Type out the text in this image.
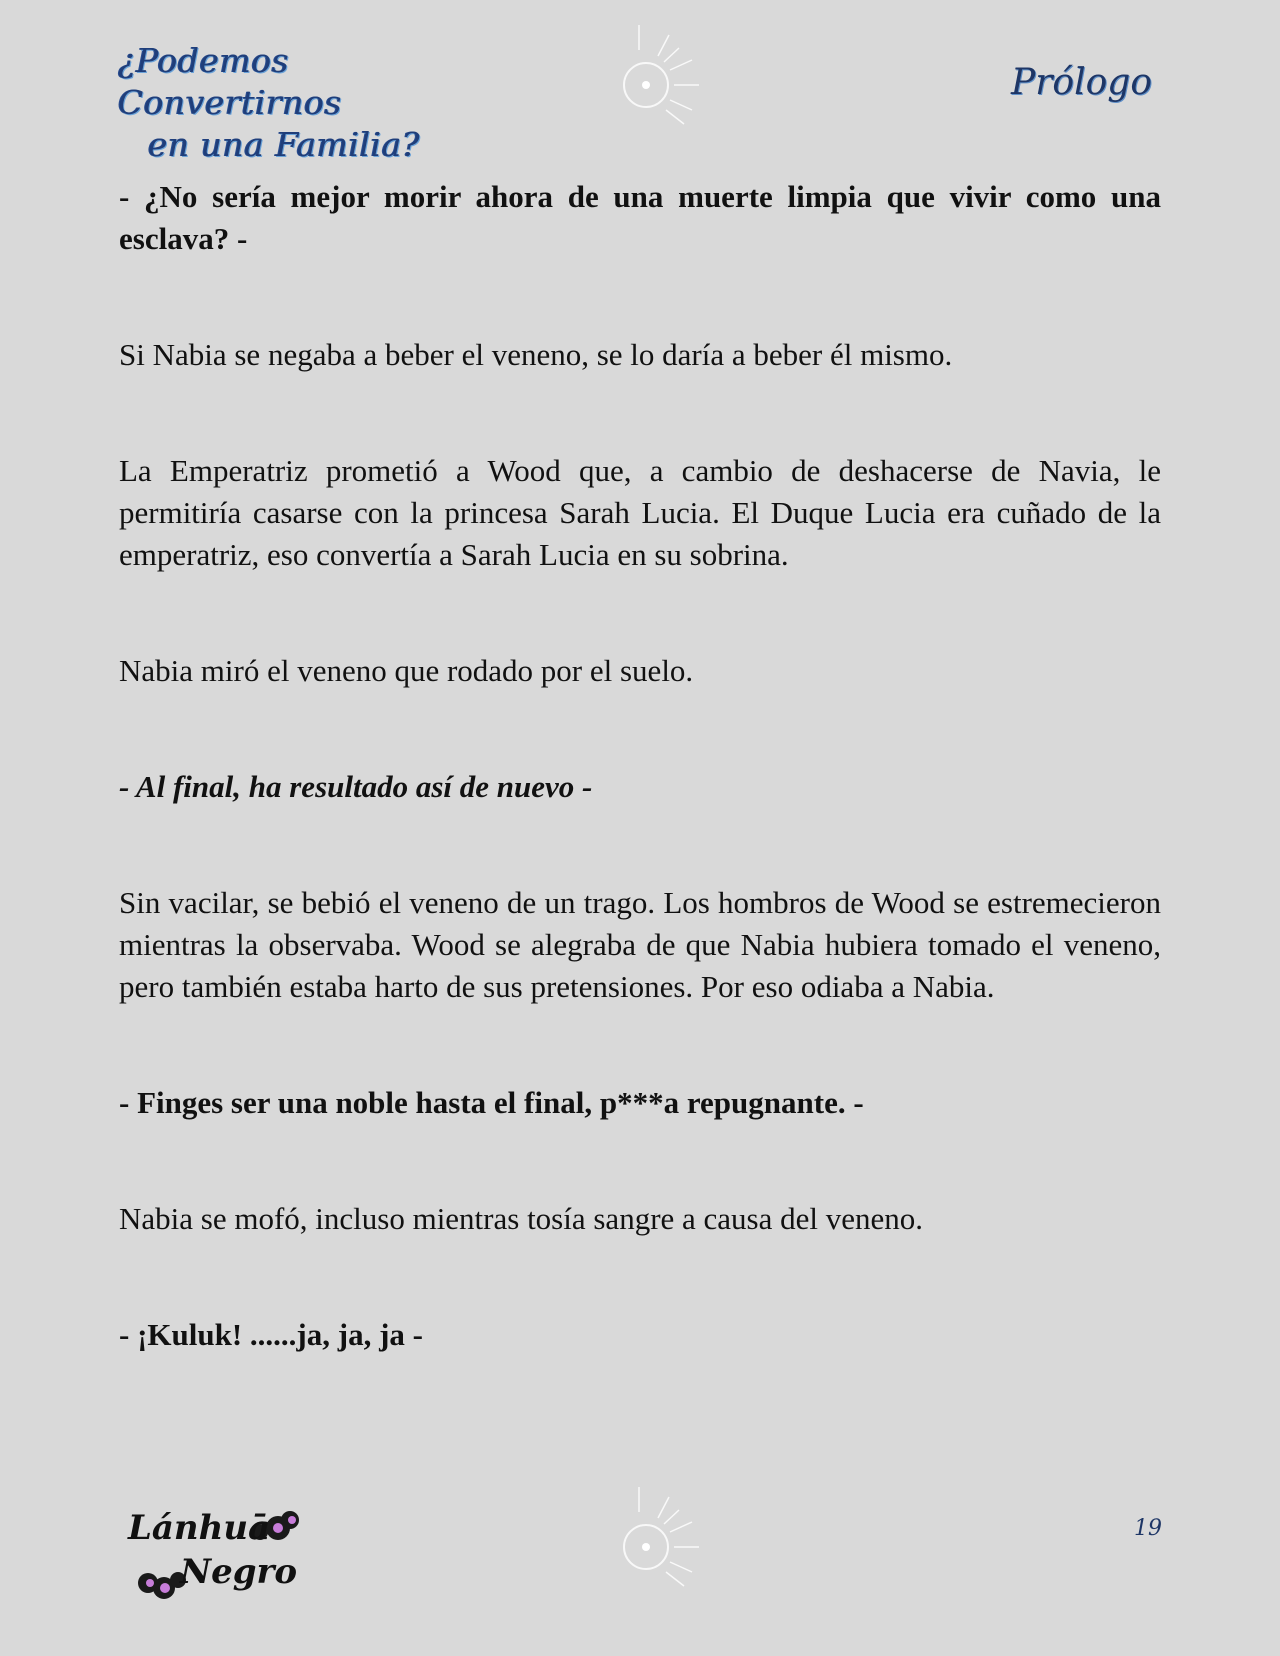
¿Podemos Convertirnos
en una Familia?
Prólogo

- ¿No sería mejor morir ahora de una muerte limpia que vivir como una esclava? -

Si Nabia se negaba a beber el veneno, se lo daría a beber él mismo.

La Emperatriz prometió a Wood que, a cambio de deshacerse de Navia, le permitiría casarse con la princesa Sarah Lucia. El Duque Lucia era cuñado de la emperatriz, eso convertía a Sarah Lucia en su sobrina.

Nabia miró el veneno que rodado por el suelo.

- Al final, ha resultado así de nuevo -

Sin vacilar, se bebió el veneno de un trago. Los hombros de Wood se estremecieron mientras la observaba. Wood se alegraba de que Nabia hubiera tomado el veneno, pero también estaba harto de sus pretensiones. Por eso odiaba a Nabia.

- Finges ser una noble hasta el final, p***a repugnante. -

Nabia se mofó, incluso mientras tosía sangre a causa del veneno.

- ¡Kuluk! ......ja, ja, ja -

Lánhuā
Negro
19
